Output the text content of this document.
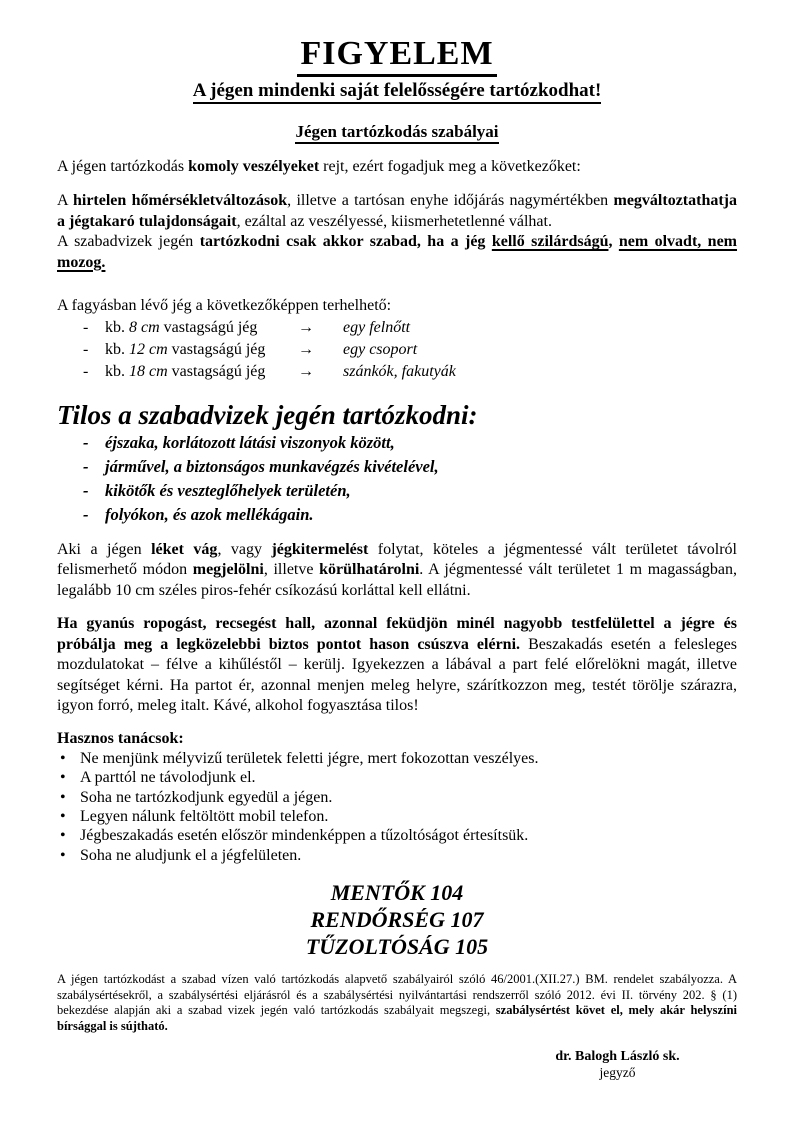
FIGYELEM
A jégen mindenki saját felelősségére tartózkodhat!
Jégen tartózkodás szabályai

A jégen tartózkodás komoly veszélyeket rejt, ezért fogadjuk meg a következőket:

A hirtelen hőmérsékletváltozások, illetve a tartósan enyhe időjárás nagymértékben megváltoztathatja a jégtakaró tulajdonságait, ezáltal az veszélyessé, kiismerhetetlenné válhat.

A szabadvizek jegén tartózkodni csak akkor szabad, ha a jég kellő szilárdságú, nem olvadt, nem mozog.

A fagyásban lévő jég a következőképpen terhelhető:

-	kb. 8 cm vastagságú jég	→	egy felnőtt
-	kb. 12 cm vastagságú jég	→	egy csoport
-	kb. 18 cm vastagságú jég	→	szánkók, fakutyák
Tilos a szabadvizek jegén tartózkodni:
-	éjszaka, korlátozott látási viszonyok között,
-	járművel, a biztonságos munkavégzés kivételével,
-	kikötők és veszteglőhelyek területén,
-	folyókon, és azok mellékágain.

Aki a jégen léket vág, vagy jégkitermelést folytat, köteles a jégmentessé vált területet távolról felismerhető módon megjelölni, illetve körülhatárolni. A jégmentessé vált területet 1 m magasságban, legalább 10 cm széles piros-fehér csíkozású korláttal kell ellátni.

Ha gyanús ropogást, recsegést hall, azonnal feküdjön minél nagyobb testfelülettel a jégre és próbálja meg a legközelebbi biztos pontot hason csúszva elérni. Beszakadás esetén a felesleges mozdulatokat – félve a kihűléstől – kerülj. Igyekezzen a lábával a part felé előrelökni magát, illetve segítséget kérni. Ha partot ér, azonnal menjen meleg helyre, szárítkozzon meg, testét törölje szárazra, igyon forró, meleg italt. Kávé, alkohol fogyasztása tilos!

Hasznos tanácsok:

• Ne menjünk mélyvizű területek feletti jégre, mert fokozottan veszélyes.
• A parttól ne távolodjunk el.
• Soha ne tartózkodjunk egyedül a jégen.
• Legyen nálunk feltöltött mobil telefon.
• Jégbeszakadás esetén először mindenképpen a tűzoltóságot értesítsük.
• Soha ne aludjunk el a jégfelületen.
MENTŐK 104
RENDŐRSÉG 107
TŰZOLTÓSÁG 105

A jégen tartózkodást a szabad vízen való tartózkodás alapvető szabályairól szóló 46/2001.(XII.27.) BM. rendelet szabályozza. A szabálysértésekről, a szabálysértési eljárásról és a szabálysértési nyilvántartási rendszerről szóló 2012. évi II. törvény 202. § (1) bekezdése alapján aki a szabad vizek jegén való tartózkodás szabályait megszegi, szabálysértést követ el, mely akár helyszíni bírsággal is sújtható.

dr. Balogh László sk.
jegyző
